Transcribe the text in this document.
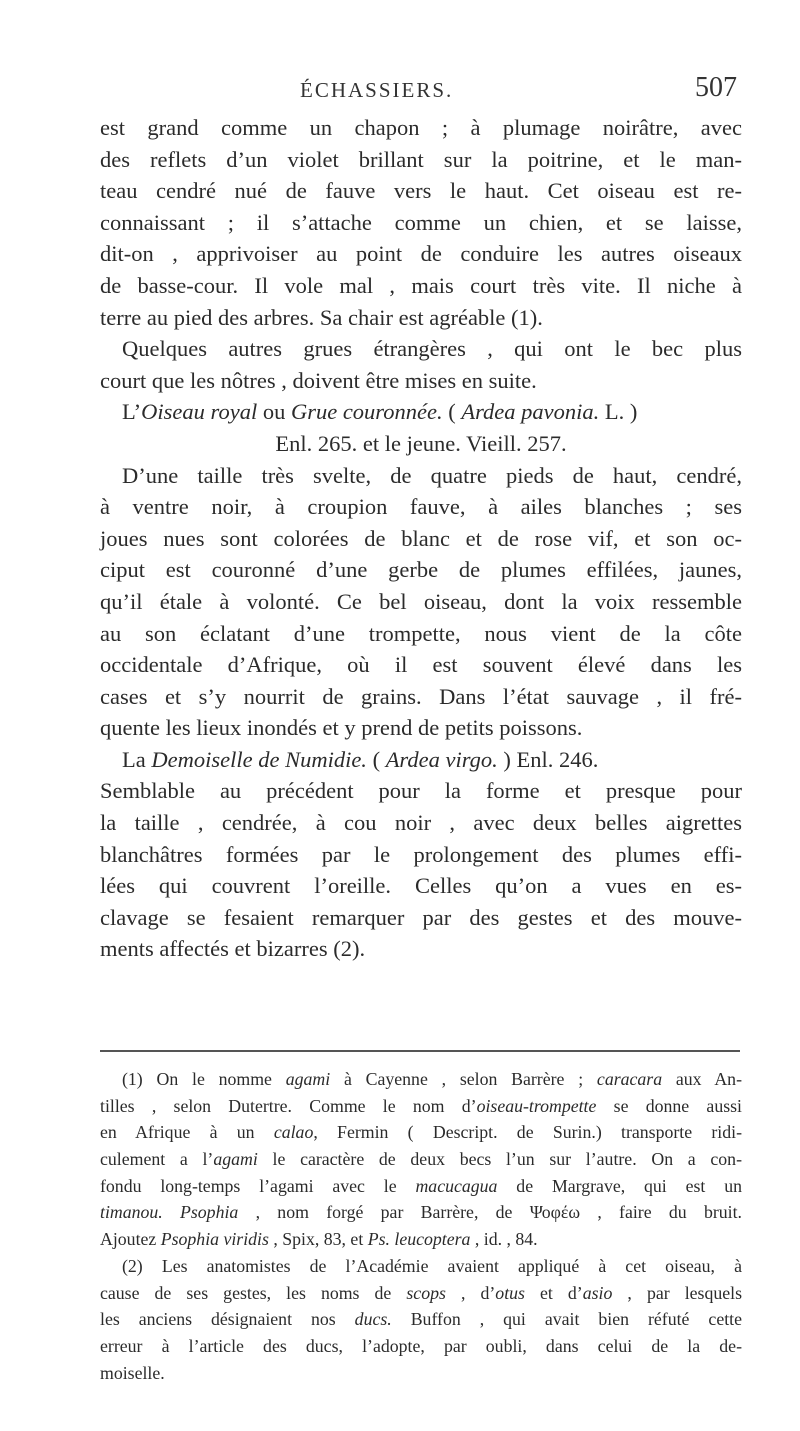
ÉCHASSIERS.	507
est grand comme un chapon ; à plumage noirâtre, avec
des reflets d’un violet brillant sur la poitrine, et le man-
teau cendré nué de fauve vers le haut. Cet oiseau est re-
connaissant ; il s’attache comme un chien, et se laisse,
dit-on , apprivoiser au point de conduire les autres oiseaux
de basse-cour. Il vole mal , mais court très vite. Il niche à
terre au pied des arbres. Sa chair est agréable (1).
Quelques autres grues étrangères , qui ont le bec plus
court que les nôtres , doivent être mises en suite.
L’Oiseau royal ou Grue couronnée. ( Ardea pavonia. L. )
Enl. 265. et le jeune. Vieill. 257.
D’une taille très svelte, de quatre pieds de haut, cendré,
à ventre noir, à croupion fauve, à ailes blanches ; ses
joues nues sont colorées de blanc et de rose vif, et son oc-
ciput est couronné d’une gerbe de plumes effilées, jaunes,
qu’il étale à volonté. Ce bel oiseau, dont la voix ressemble
au son éclatant d’une trompette, nous vient de la côte
occidentale d’Afrique, où il est souvent élevé dans les
cases et s’y nourrit de grains. Dans l’état sauvage , il fré-
quente les lieux inondés et y prend de petits poissons.
La Demoiselle de Numidie. ( Ardea virgo. ) Enl. 246.
Semblable au précédent pour la forme et presque pour
la taille , cendrée, à cou noir , avec deux belles aigrettes
blanchâtres formées par le prolongement des plumes effi-
lées qui couvrent l’oreille. Celles qu’on a vues en es-
clavage se fesaient remarquer par des gestes et des mouve-
ments affectés et bizarres (2).
(1) On le nomme agami à Cayenne , selon Barrère ; caracara aux An-
tilles , selon Dutertre. Comme le nom d’oiseau-trompette se donne aussi
en Afrique à un calao, Fermin ( Descript. de Surin.) transporte ridi-
culement a l’agami le caractère de deux becs l’un sur l’autre. On a con-
fondu long-temps l’agami avec le macucagua de Margrave, qui est un
timanou. Psophia , nom forgé par Barrère, de Ψοφέω , faire du bruit.
Ajoutez Psophia viridis , Spix, 83, et Ps. leucoptera , id. , 84.
(2) Les anatomistes de l’Académie avaient appliqué à cet oiseau, à
cause de ses gestes, les noms de scops , d’otus et d’asio , par lesquels
les anciens désignaient nos ducs. Buffon , qui avait bien réfuté cette
erreur à l’article des ducs, l’adopte, par oubli, dans celui de la de-
moiselle.
